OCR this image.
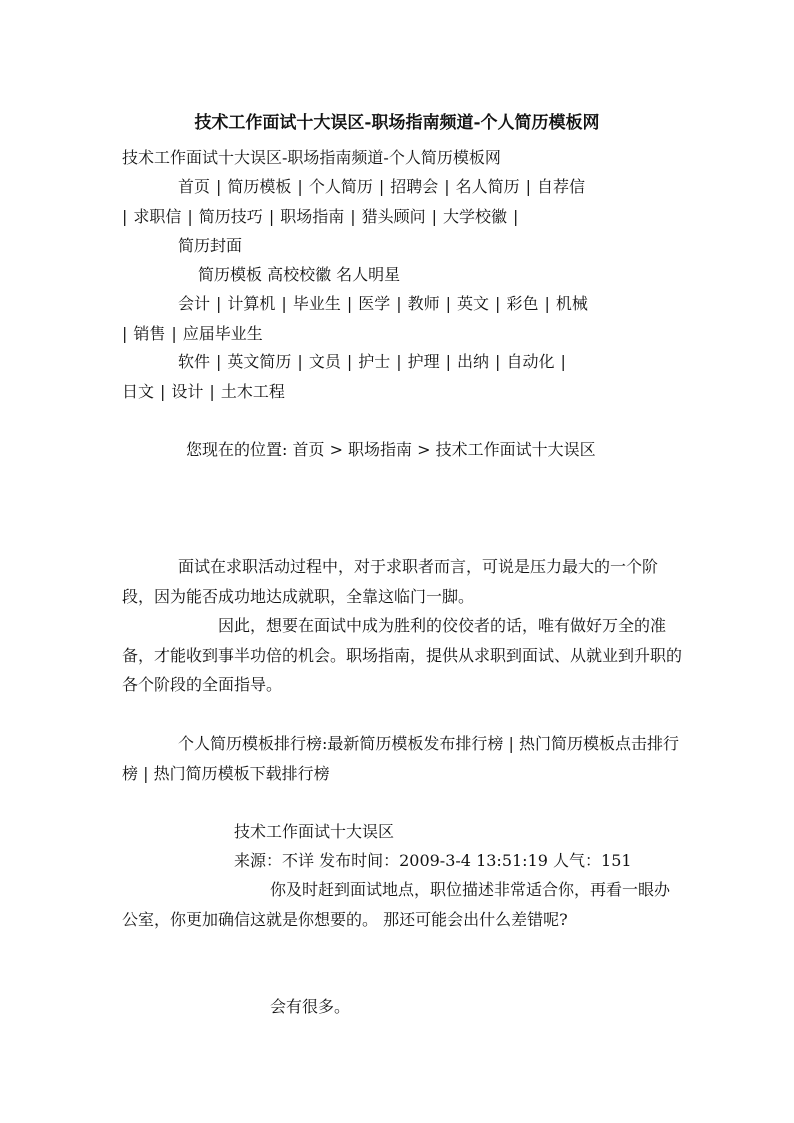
技术工作面试十大误区-职场指南频道-个人简历模板网
技术工作面试十大误区-职场指南频道-个人简历模板网
首页 | 简历模板 | 个人简历 | 招聘会 | 名人简历 | 自荐信
| 求职信 | 简历技巧 | 职场指南 | 猎头顾问 | 大学校徽 |
简历封面
简历模板 高校校徽 名人明星
会计 | 计算机 | 毕业生 | 医学 | 教师 | 英文 | 彩色 | 机械
| 销售 | 应届毕业生
软件 | 英文简历 | 文员 | 护士 | 护理 | 出纳 | 自动化 |
日文 | 设计 | 土木工程
您现在的位置: 首页 > 职场指南 > 技术工作面试十大误区
面试在求职活动过程中，对于求职者而言，可说是压力最大的一个阶段，因为能否成功地达成就职，全靠这临门一脚。
因此，想要在面试中成为胜利的佼佼者的话，唯有做好万全的准备，才能收到事半功倍的机会。职场指南，提供从求职到面试、从就业到升职的各个阶段的全面指导。
个人简历模板排行榜:最新简历模板发布排行榜 | 热门简历模板点击排行榜 | 热门简历模板下载排行榜
技术工作面试十大误区
来源：不详 发布时间：2009-3-4 13:51:19 人气：151
你及时赶到面试地点，职位描述非常适合你，再看一眼办公室，你更加确信这就是你想要的。 那还可能会出什么差错呢?
会有很多。
